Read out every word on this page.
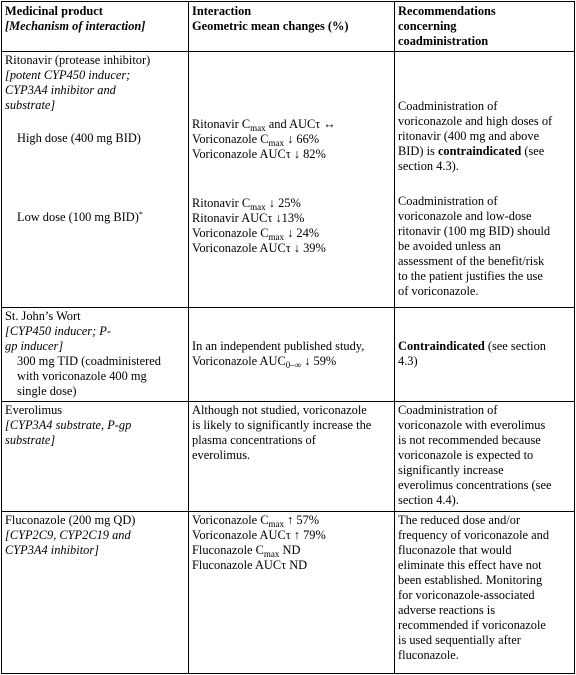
Medicinal product
[Mechanism of interaction]
Interaction
Geometric mean changes (%)
Recommendations
concerning
coadministration
Ritonavir (protease inhibitor)
[potent CYP450 inducer;
CYP3A4 inhibitor and
substrate]
High dose (400 mg BID)
Low dose (100 mg BID)*
Ritonavir $C_{max}$ and AUCτ ↔
Voriconazole $C_{max}$ ↓ 66%
Voriconazole AUCτ ↓ 82%
Ritonavir $C_{max}$ ↓ 25%
Ritonavir AUCτ ↓13%
Voriconazole $C_{max}$ ↓ 24%
Voriconazole AUCτ ↓ 39%
Coadministration of
voriconazole and high doses of
ritonavir (400 mg and above
BID) is contraindicated (see
section 4.3).
Coadministration of
voriconazole and low-dose
ritonavir (100 mg BID) should
be avoided unless an
assessment of the benefit/risk
to the patient justifies the use
of voriconazole.
St. John’s Wort
[CYP450 inducer; P-
gp inducer]
300 mg TID (coadministered
with voriconazole 400 mg
single dose)
In an independent published study,
Voriconazole $AUC_{0-\infty}$ ↓ 59%
Contraindicated (see section
4.3)
Everolimus
[CYP3A4 substrate, P-gp
substrate]
Although not studied, voriconazole
is likely to significantly increase the
plasma concentrations of
everolimus.
Coadministration of
voriconazole with everolimus
is not recommended because
voriconazole is expected to
significantly increase
everolimus concentrations (see
section 4.4).
Fluconazole (200 mg QD)
[CYP2C9, CYP2C19 and
CYP3A4 inhibitor]
Voriconazole $C_{max}$ ↑ 57%
Voriconazole AUCτ ↑ 79%
Fluconazole $C_{max}$ ND
Fluconazole AUCτ ND
The reduced dose and/or
frequency of voriconazole and
fluconazole that would
eliminate this effect have not
been established. Monitoring
for voriconazole-associated
adverse reactions is
recommended if voriconazole
is used sequentially after
fluconazole.
